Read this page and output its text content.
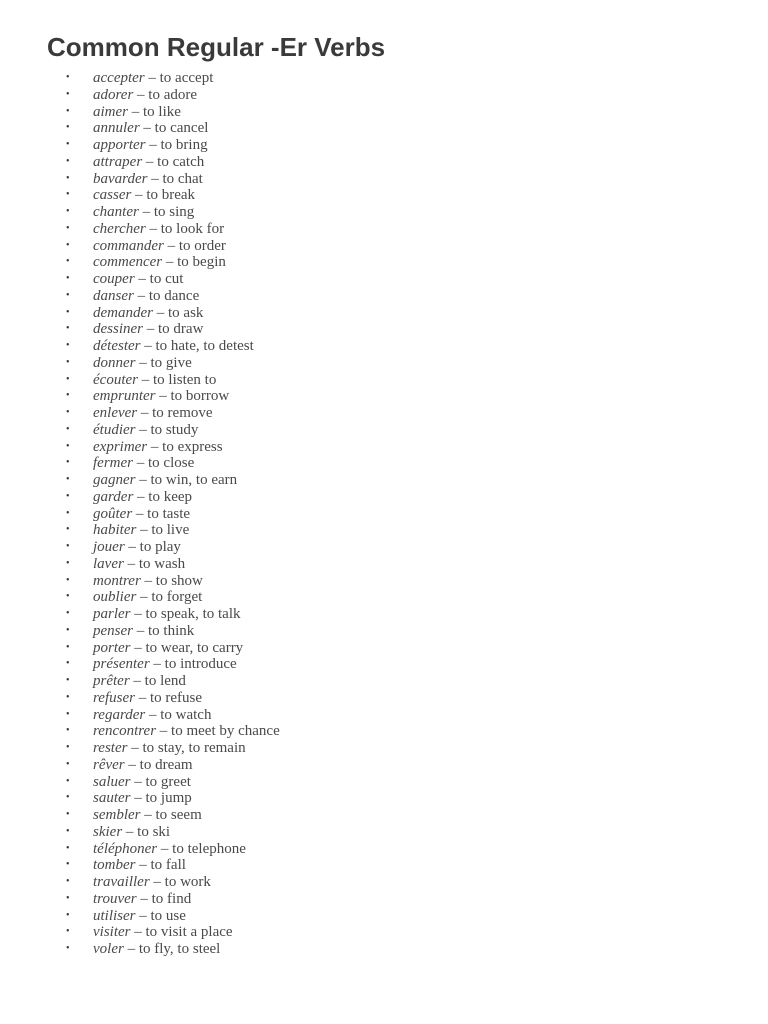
Common Regular -Er Verbs
•	accepter – to accept
•	adorer – to adore
•	aimer – to like
•	annuler – to cancel
•	apporter – to bring
•	attraper – to catch
•	bavarder – to chat
•	casser – to break
•	chanter – to sing
•	chercher – to look for
•	commander – to order
•	commencer – to begin
•	couper – to cut
•	danser – to dance
•	demander – to ask
•	dessiner – to draw
•	détester – to hate, to detest
•	donner – to give
•	écouter – to listen to
•	emprunter – to borrow
•	enlever – to remove
•	étudier – to study
•	exprimer – to express
•	fermer – to close
•	gagner – to win, to earn
•	garder – to keep
•	goûter – to taste
•	habiter – to live
•	jouer – to play
•	laver – to wash
•	montrer – to show
•	oublier – to forget
•	parler – to speak, to talk
•	penser – to think
•	porter – to wear, to carry
•	présenter – to introduce
•	prêter – to lend
•	refuser – to refuse
•	regarder – to watch
•	rencontrer – to meet by chance
•	rester – to stay, to remain
•	rêver – to dream
•	saluer – to greet
•	sauter – to jump
•	sembler – to seem
•	skier – to ski
•	téléphoner – to telephone
•	tomber – to fall
•	travailler – to work
•	trouver – to find
•	utiliser – to use
•	visiter – to visit a place
•	voler – to fly, to steel
